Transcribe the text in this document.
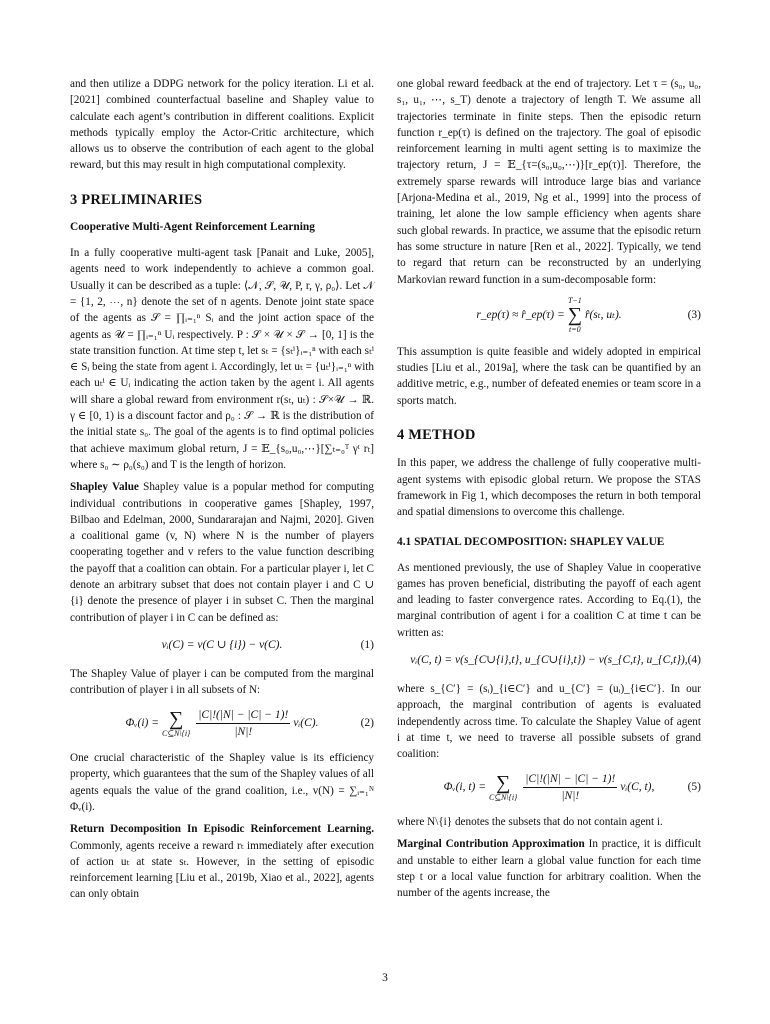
and then utilize a DDPG network for the policy iteration. Li et al. [2021] combined counterfactual baseline and Shapley value to calculate each agent’s contribution in different coalitions. Explicit methods typically employ the Actor-Critic architecture, which allows us to observe the contribution of each agent to the global reward, but this may result in high computational complexity.

3 PRELIMINARIES
Cooperative Multi-Agent Reinforcement Learning

In a fully cooperative multi-agent task [Panait and Luke, 2005], agents need to work independently to achieve a common goal. Usually it can be described as a tuple: ⟨𝒩, 𝒮, 𝒰, P, r, γ, ρ₀⟩. Let 𝒩 = {1, 2, ⋯, n} denote the set of n agents. Denote joint state space of the agents as 𝒮 = ∏ᵢ₌₁ⁿ Sᵢ and the joint action space of the agents as 𝒰 = ∏ᵢ₌₁ⁿ Uᵢ respectively. P : 𝒮 × 𝒰 × 𝒮 → [0, 1] is the state transition function. At time step t, let sₜ = {sₜⁱ}ᵢ₌₁ⁿ with each sₜⁱ ∈ Sᵢ being the state from agent i. Accordingly, let uₜ = {uₜⁱ}ᵢ₌₁ⁿ with each uₜⁱ ∈ Uᵢ indicating the action taken by the agent i. All agents will share a global reward from environment r(sₜ, uₜ) : 𝒮×𝒰 → ℝ. γ ∈ [0, 1) is a discount factor and ρ₀ : 𝒮 → ℝ is the distribution of the initial state s₀. The goal of the agents is to find optimal policies that achieve maximum global return, J = 𝔼_{s₀,u₀,⋯}[∑ₜ₌₀ᵀ γᵗ rₜ] where s₀ ∼ ρ₀(s₀) and T is the length of horizon.

Shapley Value Shapley value is a popular method for computing individual contributions in cooperative games [Shapley, 1997, Bilbao and Edelman, 2000, Sundararajan and Najmi, 2020]. Given a coalitional game (v, N) where N is the number of players cooperating together and v refers to the value function describing the payoff that a coalition can obtain. For a particular player i, let C denote an arbitrary subset that does not contain player i and C ∪ {i} denote the presence of player i in subset C. Then the marginal contribution of player i in C can be defined as:

vᵢ(C) = v(C ∪ {i}) − v(C).	(1)

The Shapley Value of player i can be computed from the marginal contribution of player i in all subsets of N:

Φᵥ(i) = ∑
C⊆N\{i} $\frac{|C|!(|N| - |C| - 1)!}{|N|!}$ vᵢ(C).	(2)

One crucial characteristic of the Shapley value is its efficiency property, which guarantees that the sum of the Shapley values of all agents equals the value of the grand coalition, i.e., v(N) = ∑ᵢ₌₁ᴺ Φᵥ(i).

Return Decomposition In Episodic Reinforcement Learning. Commonly, agents receive a reward rₜ immediately after execution of action uₜ at state sₜ. However, in the setting of episodic reinforcement learning [Liu et al., 2019b, Xiao et al., 2022], agents can only obtain

one global reward feedback at the end of trajectory. Let τ = (s₀, u₀, s₁, u₁, ⋯, s_T) denote a trajectory of length T. We assume all trajectories terminate in finite steps. Then the episodic return function r_ep(τ) is defined on the trajectory. The goal of episodic reinforcement learning in multi agent setting is to maximize the trajectory return, J = 𝔼_{τ=(s₀,u₀,⋯)}[r_ep(τ)]. Therefore, the extremely sparse rewards will introduce large bias and variance [Arjona-Medina et al., 2019, Ng et al., 1999] into the process of training, let alone the low sample efficiency when agents share such global rewards. In practice, we assume that the episodic return has some structure in nature [Ren et al., 2022]. Typically, we tend to regard that return can be reconstructed by an underlying Markovian reward function in a sum-decomposable form:

r_ep(τ) ≈ r̂_ep(τ) =
T−1
∑
t=0
r̂(sₜ, uₜ).	(3)

This assumption is quite feasible and widely adopted in empirical studies [Liu et al., 2019a], where the task can be quantified by an additive metric, e.g., number of defeated enemies or team score in a sports match.

4 METHOD

In this paper, we address the challenge of fully cooperative multi-agent systems with episodic global return. We propose the STAS framework in Fig 1, which decomposes the return in both temporal and spatial dimensions to overcome this challenge.

4.1 SPATIAL DECOMPOSITION: SHAPLEY VALUE

As mentioned previously, the use of Shapley Value in cooperative games has proven beneficial, distributing the payoff of each agent and leading to faster convergence rates. According to Eq.(1), the marginal contribution of agent i for a coalition C at time t can be written as:

vᵢ(C, t) = v(s_{C∪{i},t}, u_{C∪{i},t}) − v(s_{C,t}, u_{C,t}), (4)

where s_{C′} = (sᵢ)_{i∈C′} and u_{C′} = (uᵢ)_{i∈C′}. In our approach, the marginal contribution of agents is evaluated independently across time. To calculate the Shapley Value of agent i at time t, we need to traverse all possible subsets of grand coalition:

Φᵥ(i, t) = ∑
C⊆N\{i} $\frac{|C|!(|N| - |C| - 1)!}{|N|!}$ vᵢ(C, t),	(5)

where N\{i} denotes the subsets that do not contain agent i.

Marginal Contribution Approximation In practice, it is difficult and unstable to either learn a global value function for each time step t or a local value function for arbitrary coalition. When the number of the agents increase, the

3
